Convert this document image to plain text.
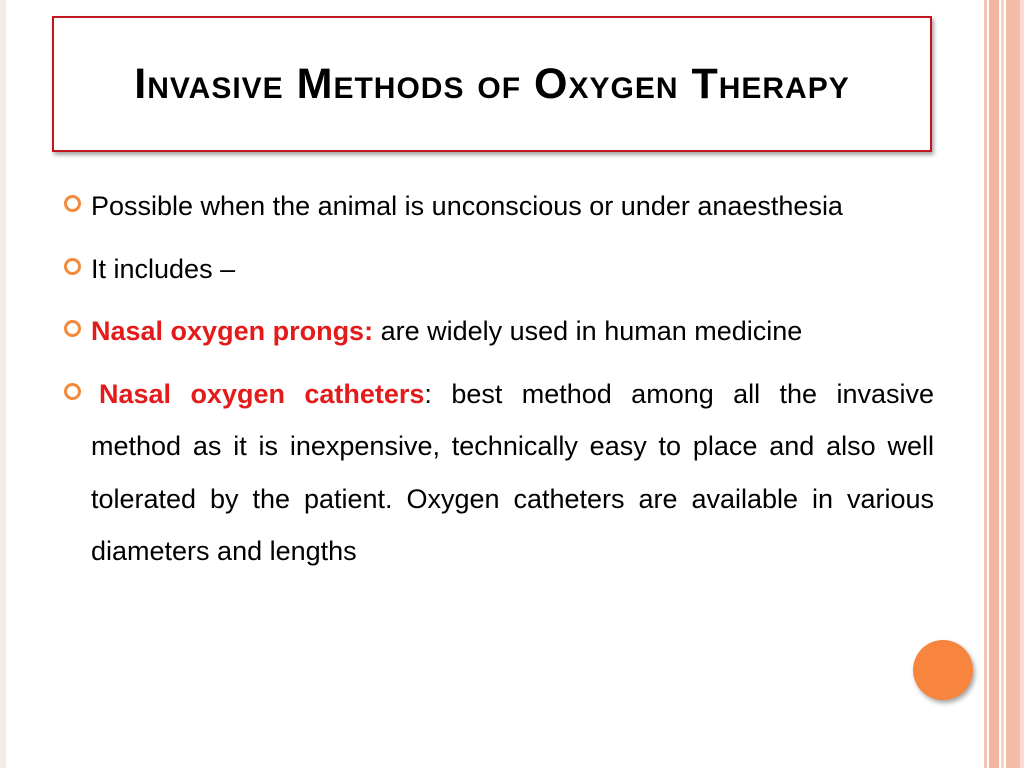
Invasive Methods of Oxygen Therapy
Possible when the animal is unconscious or under anaesthesia
It includes –
Nasal oxygen prongs: are widely used in human medicine
Nasal oxygen catheters: best method among all the invasive method as it is inexpensive, technically easy to place and also well tolerated by the patient. Oxygen catheters are available in various diameters and lengths
